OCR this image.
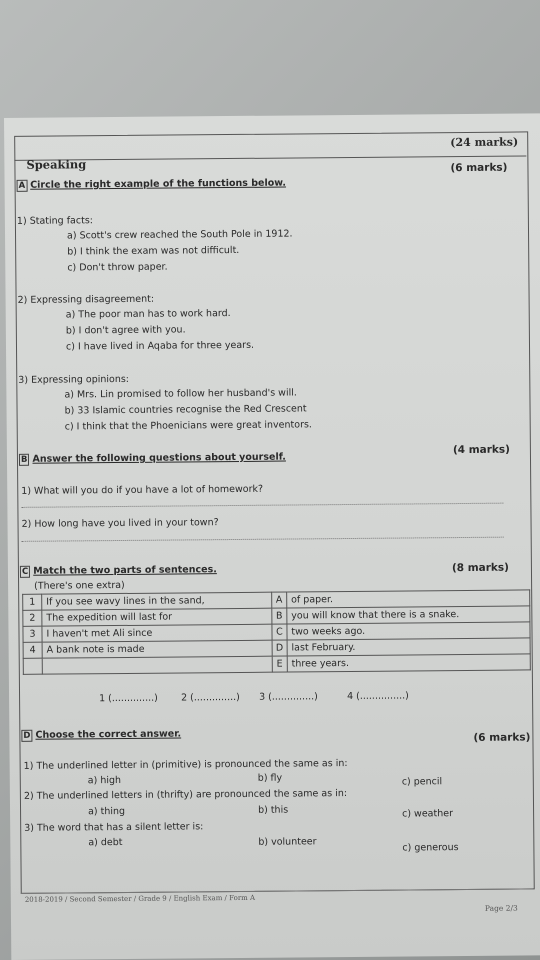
(24 marks)
Speaking	(6 marks)
A Circle the right example of the functions below.
1) Stating facts:
a) Scott's crew reached the South Pole in 1912.
b) I think the exam was not difficult.
c) Don't throw paper.
2) Expressing disagreement:
a) The poor man has to work hard.
b) I don't agree with you.
c) I have lived in Aqaba for three years.
3) Expressing opinions:
a) Mrs. Lin promised to follow her husband's will.
b) 33 Islamic countries recognise the Red Crescent
c) I think that the Phoenicians were great inventors.
B Answer the following questions about yourself.
(4 marks)
1) What will you do if you have a lot of homework?
2) How long have you lived in your town?
C Match the two parts of sentences.	(8 marks)
(There's one extra)
1	If you see wavy lines in the sand,	A	of paper.
2	The expedition will last for	B	you will know that there is a snake.
3	I haven't met Ali since	C	two weeks ago.
4	A bank note is made	D	last February.
		E	three years.
1 (..............) 2 (..............) 3 (..............)	4 (...............)
D Choose the correct answer.	(6 marks)
1) The underlined letter in (primitive) is pronounced the same as in:
a) high	b) fly	c) pencil
2) The underlined letters in (thrifty) are pronounced the same as in:
a) thing	b) this	c) weather
3) The word that has a silent letter is:
a) debt	b) volunteer	c) generous
2018-2019 / Second Semester / Grade 9 / English Exam / Form A
Page 2/3
